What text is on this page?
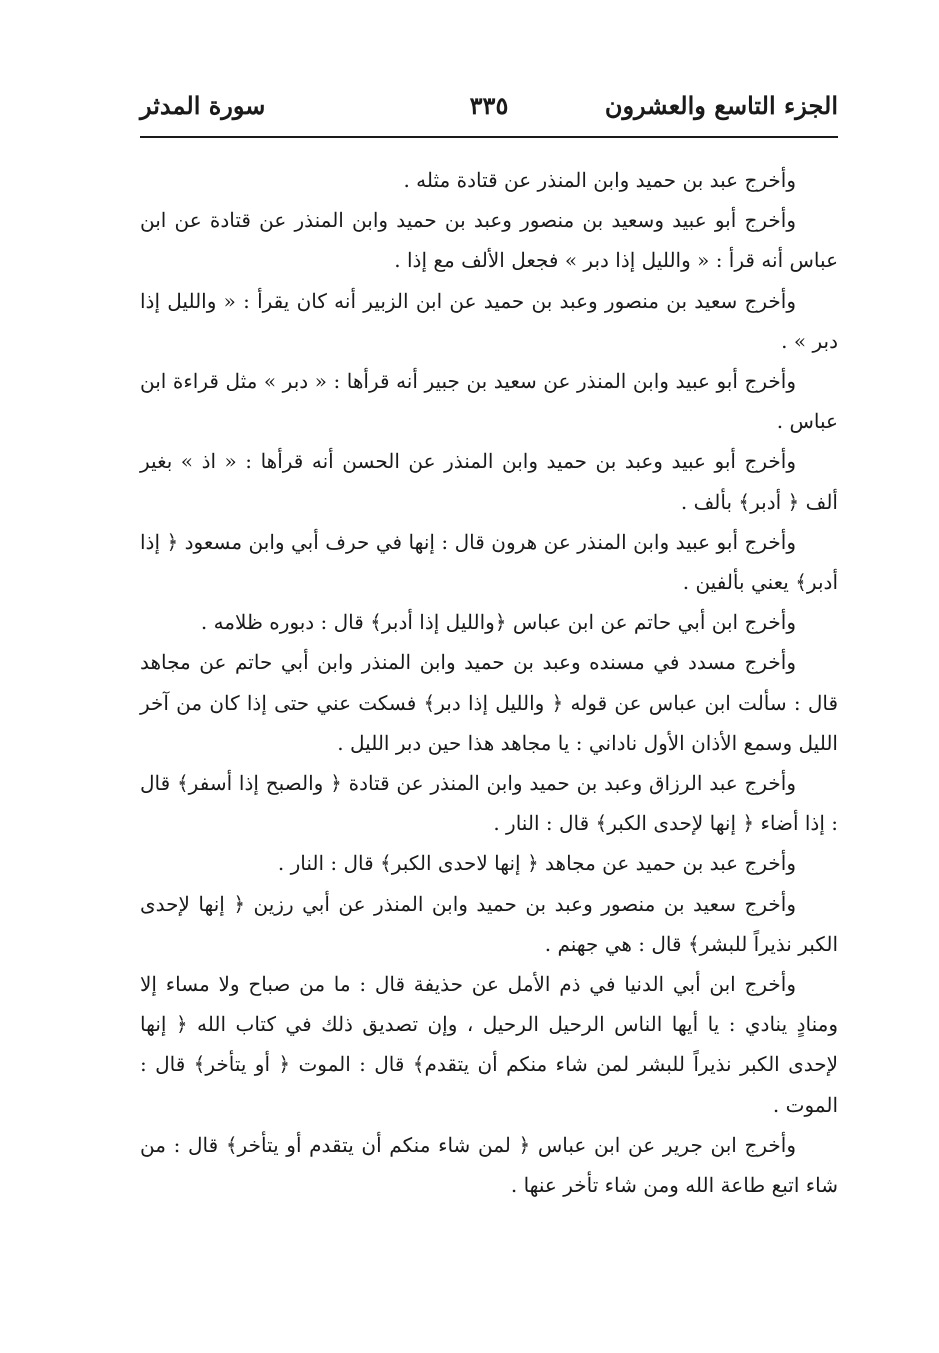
الجزء التاسع والعشرون
٣٣٥
سورة المدثر

وأخرج عبد بن حميد وابن المنذر عن قتادة مثله .

وأخرج أبو عبيد وسعيد بن منصور وعبد بن حميد وابن المنذر عن قتادة عن ابن عباس أنه قرأ : « والليل إذا دبر » فجعل الألف مع إذا .

وأخرج سعيد بن منصور وعبد بن حميد عن ابن الزبير أنه كان يقرأ : « والليل إذا دبر » .

وأخرج أبو عبيد وابن المنذر عن سعيد بن جبير أنه قرأها : « دبر » مثل قراءة ابن عباس .

وأخرج أبو عبيد وعبد بن حميد وابن المنذر عن الحسن أنه قرأها : « اذ » بغير ألف ﴿ أدبر﴾ بألف .

وأخرج أبو عبيد وابن المنذر عن هرون قال : إنها في حرف أبي وابن مسعود ﴿ إذا أدبر﴾ يعني بألفين .

وأخرج ابن أبي حاتم عن ابن عباس ﴿والليل إذا أدبر﴾ قال : دبوره ظلامه .

وأخرج مسدد في مسنده وعبد بن حميد وابن المنذر وابن أبي حاتم عن مجاهد قال : سألت ابن عباس عن قوله ﴿ والليل إذا دبر﴾ فسكت عني حتى إذا كان من آخر الليل وسمع الأذان الأول ناداني : يا مجاهد هذا حين دبر الليل .

وأخرج عبد الرزاق وعبد بن حميد وابن المنذر عن قتادة ﴿ والصبح إذا أسفر﴾ قال : إذا أضاء ﴿ إنها لإحدى الكبر﴾ قال : النار .

وأخرج عبد بن حميد عن مجاهد ﴿ إنها لاحدى الكبر﴾ قال : النار .

وأخرج سعيد بن منصور وعبد بن حميد وابن المنذر عن أبي رزين ﴿ إنها لإحدى الكبر نذيراً للبشر﴾ قال : هي جهنم .

وأخرج ابن أبي الدنيا في ذم الأمل عن حذيفة قال : ما من صباح ولا مساء إلا ومنادٍ ينادي : يا أيها الناس الرحيل الرحيل ، وإن تصديق ذلك في كتاب الله ﴿ إنها لإحدى الكبر نذيراً للبشر لمن شاء منكم أن يتقدم﴾ قال : الموت ﴿ أو يتأخر﴾ قال : الموت .

وأخرج ابن جرير عن ابن عباس ﴿ لمن شاء منكم أن يتقدم أو يتأخر﴾ قال : من شاء اتبع طاعة الله ومن شاء تأخر عنها .
